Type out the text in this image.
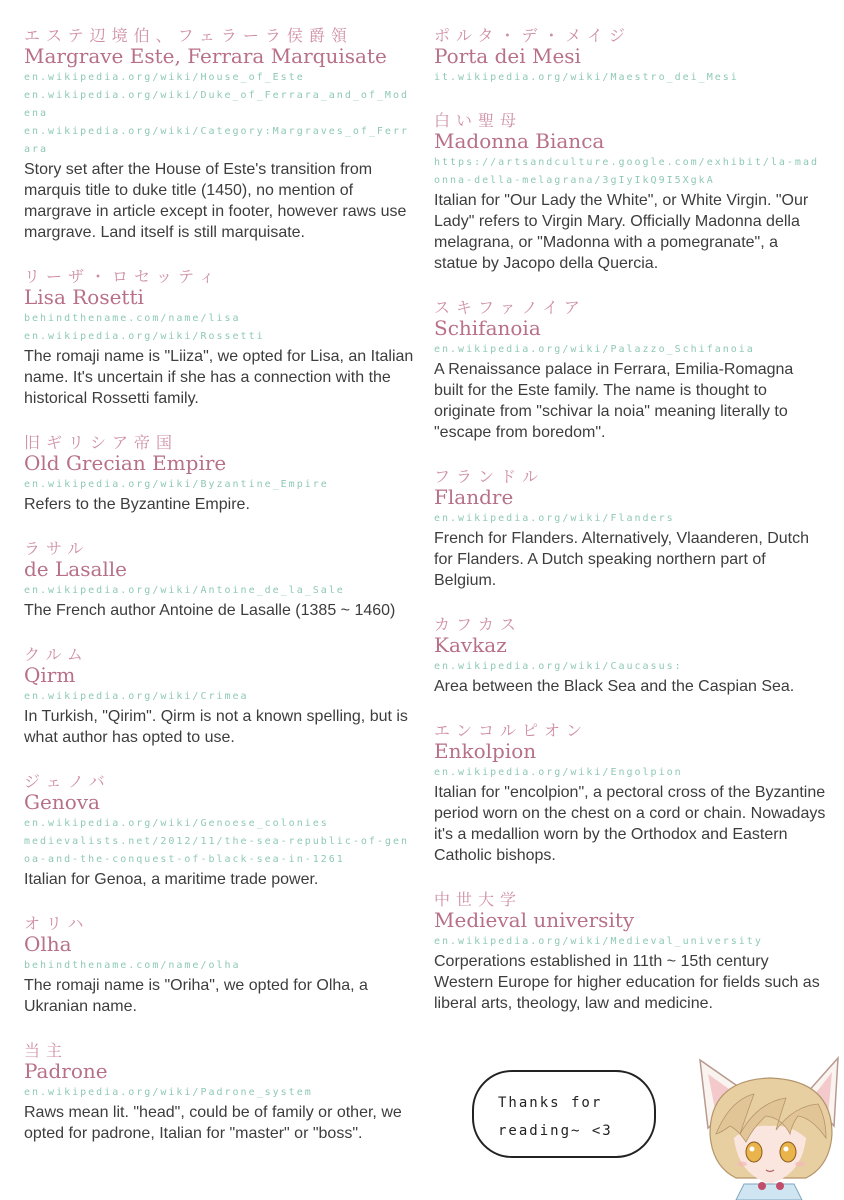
エステ辺境伯、フェラーラ侯爵領
Margrave Este, Ferrara Marquisate
en.wikipedia.org/wiki/House_of_Este
en.wikipedia.org/wiki/Duke_of_Ferrara_and_of_Modena
en.wikipedia.org/wiki/Category:Margraves_of_Ferrara
Story set after the House of Este's transition from marquis title to duke title (1450), no mention of margrave in article except in footer, however raws use margrave. Land itself is still marquisate.
リーザ・ロセッティ
Lisa Rosetti
behindthename.com/name/lisa
en.wikipedia.org/wiki/Rossetti
The romaji name is "Liiza", we opted for Lisa, an Italian name. It's uncertain if she has a connection with the historical Rossetti family.
旧ギリシア帝国
Old Grecian Empire
en.wikipedia.org/wiki/Byzantine_Empire
Refers to the Byzantine Empire.
ラサル
de Lasalle
en.wikipedia.org/wiki/Antoine_de_la_Sale
The French author Antoine de Lasalle (1385 ~ 1460)
クルム
Qirm
en.wikipedia.org/wiki/Crimea
In Turkish, "Qirim". Qirm is not a known spelling, but is what author has opted to use.
ジェノバ
Genova
en.wikipedia.org/wiki/Genoese_colonies
medievalists.net/2012/11/the-sea-republic-of-genoa-and-the-conquest-of-black-sea-in-1261
Italian for Genoa, a maritime trade power.
オリハ
Olha
behindthename.com/name/olha
The romaji name is "Oriha", we opted for Olha, a Ukranian name.
当主
Padrone
en.wikipedia.org/wiki/Padrone_system
Raws mean lit. "head", could be of family or other, we opted for padrone, Italian for "master" or "boss".
ポルタ・デ・メイジ
Porta dei Mesi
it.wikipedia.org/wiki/Maestro_dei_Mesi
白い聖母
Madonna Bianca
https://artsandculture.google.com/exhibit/la-madonna-della-melagrana/3gIyIkQ9I5XgkA
Italian for "Our Lady the White", or White Virgin. "Our Lady" refers to Virgin Mary. Officially Madonna della melagrana, or "Madonna with a pomegranate", a statue by Jacopo della Quercia.
スキファノイア
Schifanoia
en.wikipedia.org/wiki/Palazzo_Schifanoia
A Renaissance palace in Ferrara, Emilia-Romagna built for the Este family. The name is thought to originate from "schivar la noia" meaning literally to "escape from boredom".
フランドル
Flandre
en.wikipedia.org/wiki/Flanders
French for Flanders. Alternatively, Vlaanderen, Dutch for Flanders. A Dutch speaking northern part of Belgium.
カフカス
Kavkaz
en.wikipedia.org/wiki/Caucasus:
Area between the Black Sea and the Caspian Sea.
エンコルピオン
Enkolpion
en.wikipedia.org/wiki/Engolpion
Italian for "encolpion", a pectoral cross of the Byzantine period worn on the chest on a cord or chain. Nowadays it's a medallion worn by the Orthodox and Eastern Catholic bishops.
中世大学
Medieval university
en.wikipedia.org/wiki/Medieval_university
Corperations established in 11th ~ 15th century Western Europe for higher education for fields such as liberal arts, theology, law and medicine.
Thanks for
reading~ <3
